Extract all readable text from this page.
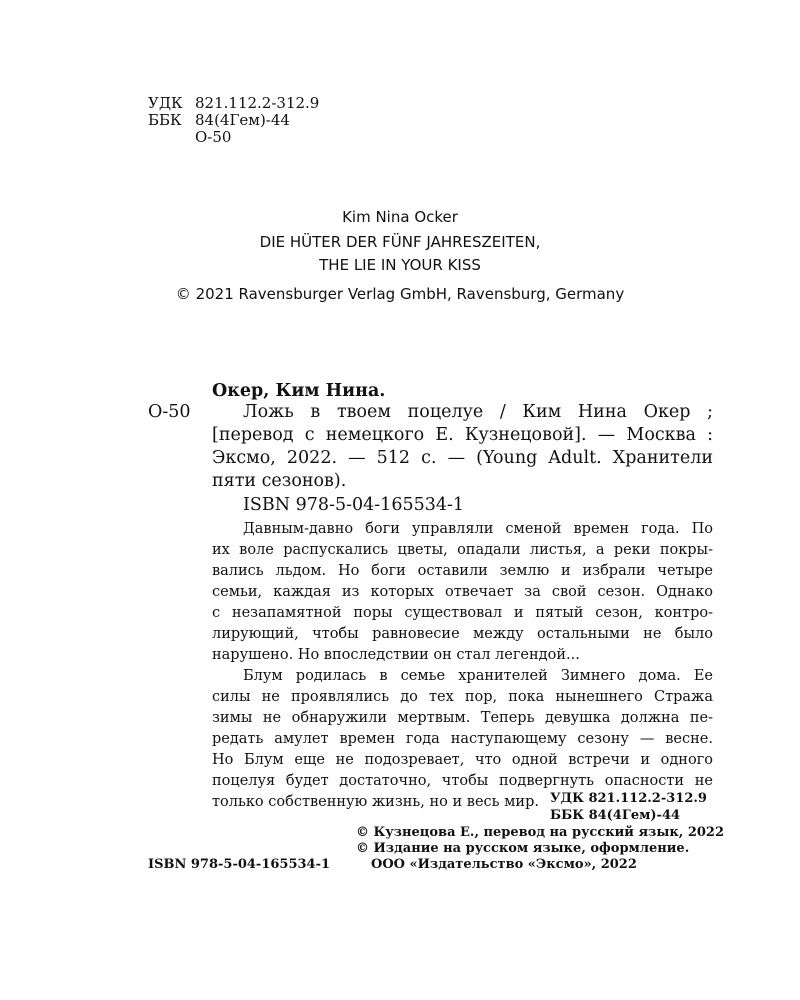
УДК 821.112.2-312.9
ББК 84(4Гем)-44
О-50
Kim Nina Ocker
DIE HÜTER DER FÜNF JAHRESZEITEN,
THE LIE IN YOUR KISS
© 2021 Ravensburger Verlag GmbH, Ravensburg, Germany
Окер, Ким Нина.
О-50	Ложь в твоем поцелуе / Ким Нина Окер ;
[перевод с немецкого Е. Кузнецовой]. — Москва :
Эксмо, 2022. — 512 с. — (Young Adult. Хранители
пяти сезонов).
ISBN 978-5-04-165534-1
Давным-давно боги управляли сменой времен года. По
их воле распускались цветы, опадали листья, а реки покры-
вались льдом. Но боги оставили землю и избрали четыре
семьи, каждая из которых отвечает за свой сезон. Однако
с незапамятной поры существовал и пятый сезон, контро-
лирующий, чтобы равновесие между остальными не было
нарушено. Но впоследствии он стал легендой...
Блум родилась в семье хранителей Зимнего дома. Ее
силы не проявлялись до тех пор, пока нынешнего Стража
зимы не обнаружили мертвым. Теперь девушка должна пе-
редать амулет времен года наступающему сезону — весне.
Но Блум еще не подозревает, что одной встречи и одного
поцелуя будет достаточно, чтобы подвергнуть опасности не
только собственную жизнь, но и весь мир. УДК 821.112.2-312.9
ББК 84(4Гем)-44
© Кузнецова Е., перевод на русский язык, 2022
© Издание на русском языке, оформление.
ООО «Издательство «Эксмо», 2022
ISBN 978-5-04-165534-1
